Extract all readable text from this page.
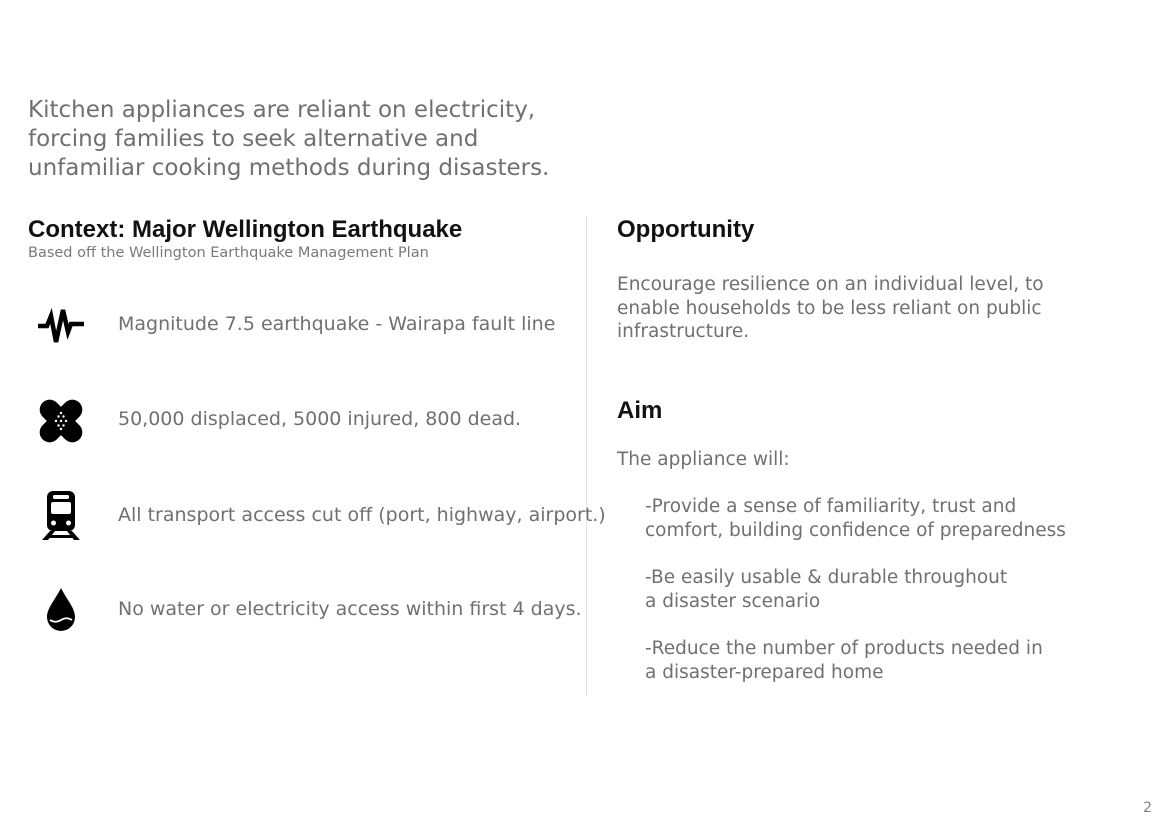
Kitchen appliances are reliant on electricity, forcing families to seek alternative and unfamiliar cooking methods during disasters.

Context: Major Wellington Earthquake
Based off the Wellington Earthquake Management Plan
Magnitude 7.5 earthquake - Wairapa fault line
50,000 displaced, 5000 injured, 800 dead.
All transport access cut off (port, highway, airport.)
No water or electricity access within first 4 days.
Opportunity

Encourage resilience on an individual level, to enable households to be less reliant on public infrastructure.

Aim

The appliance will:

-Provide a sense of familiarity, trust and comfort, building confidence of preparedness

-Be easily usable & durable throughout a disaster scenario

-Reduce the number of products needed in a disaster-prepared home

2
